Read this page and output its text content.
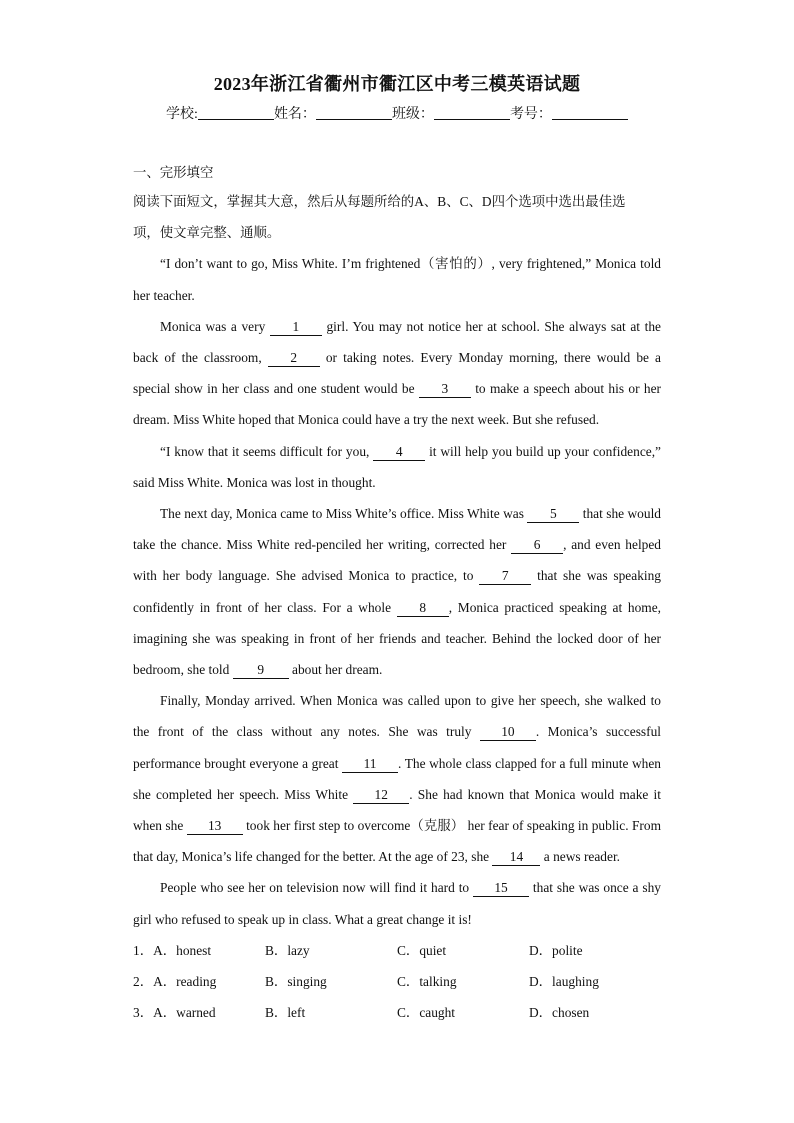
2023年浙江省衢州市衢江区中考三模英语试题
学校:	姓名：	班级：	考号：
一、完形填空

阅读下面短文，掌握其大意，然后从每题所给的A、B、C、D四个选项中选出最佳选
项，使文章完整、通顺。

“I don’t want to go, Miss White. I’m frightened（害怕的）, very frightened,” Monica told her teacher.

Monica was a very 1 girl. You may not notice her at school. She always sat at the back of the classroom, 2 or taking notes. Every Monday morning, there would be a special show in her class and one student would be 3 to make a speech about his or her dream. Miss White hoped that Monica could have a try the next week. But she refused.

“I know that it seems difficult for you, 4 it will help you build up your confidence,” said Miss White. Monica was lost in thought.

The next day, Monica came to Miss White’s office. Miss White was 5 that she would take the chance. Miss White red-penciled her writing, corrected her 6 , and even helped with her body language. She advised Monica to practice, to 7 that she was speaking confidently in front of her class. For a whole 8 , Monica practiced speaking at home, imagining she was speaking in front of her friends and teacher. Behind the locked door of her bedroom, she told 9 about her dream.

Finally, Monday arrived. When Monica was called upon to give her speech, she walked to the front of the class without any notes. She was truly 10 . Monica’s successful performance brought everyone a great 11 . The whole class clapped for a full minute when she completed her speech. Miss White 12 . She had known that Monica would make it when she 13 took her first step to overcome（克服） her fear of speaking in public. From that day, Monica’s life changed for the better. At the age of 23, she 14 a news reader.

People who see her on television now will find it hard to 15 that she was once a shy girl who refused to speak up in class. What a great change it is!

1．A．honest	B．lazy	C．quiet	D．polite
2．A．reading	B．singing	C．talking	D．laughing
3．A．warned	B．left	C．caught	D．chosen
